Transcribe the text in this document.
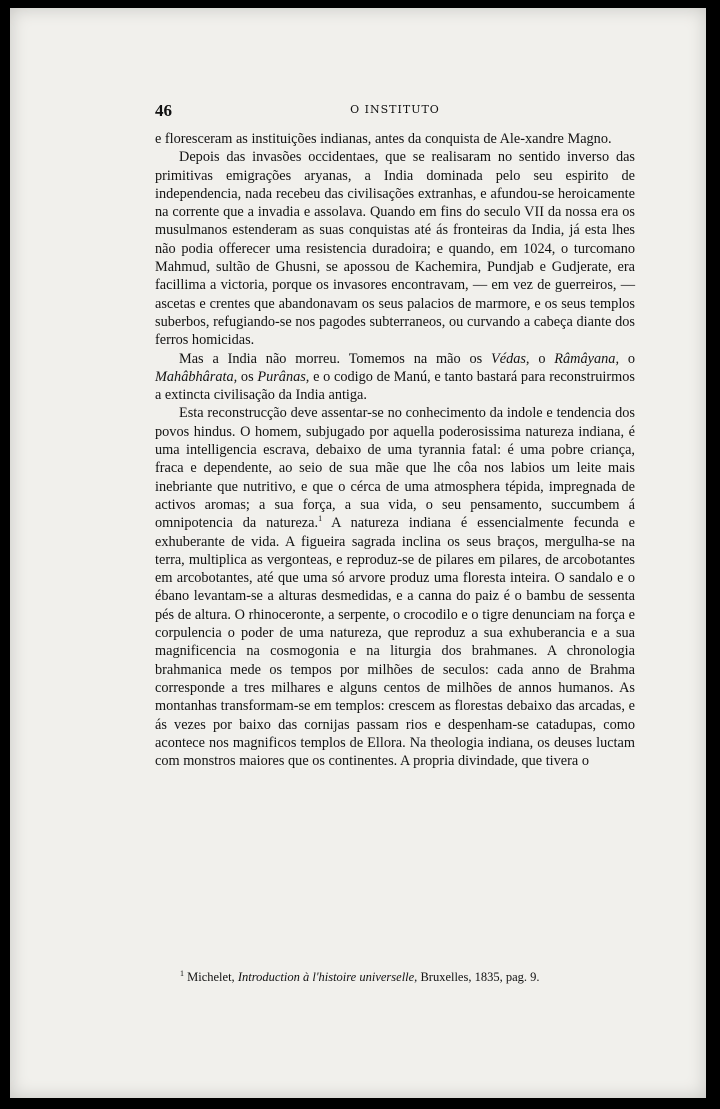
46	O INSTITUTO

e floresceram as instituições indianas, antes da conquista de Ale-xandre Magno.

Depois das invasões occidentaes, que se realisaram no sentido inverso das primitivas emigrações aryanas, a India dominada pelo seu espirito de independencia, nada recebeu das civilisações extranhas, e afundou-se heroicamente na corrente que a invadia e assolava. Quando em fins do seculo VII da nossa era os musulmanos estenderam as suas conquistas até ás fronteiras da India, já esta lhes não podia offerecer uma resistencia duradoira; e quando, em 1024, o turcomano Mahmud, sultão de Ghusni, se apossou de Kachemira, Pundjab e Gudjerate, era facillima a victoria, porque os invasores encontravam, — em vez de guerreiros, — ascetas e crentes que abandonavam os seus palacios de marmore, e os seus templos suberbos, refugiando-se nos pagodes subterraneos, ou curvando a cabeça diante dos ferros homicidas.

Mas a India não morreu. Tomemos na mão os Védas, o Râmâyana, o Mahâbhârata, os Purânas, e o codigo de Manú, e tanto bastará para reconstruirmos a extincta civilisação da India antiga.

Esta reconstrucção deve assentar-se no conhecimento da indole e tendencia dos povos hindus. O homem, subjugado por aquella poderosissima natureza indiana, é uma intelligencia escrava, debaixo de uma tyrannia fatal: é uma pobre criança, fraca e dependente, ao seio de sua mãe que lhe côa nos labios um leite mais inebriante que nutritivo, e que o cérca de uma atmosphera tépida, impregnada de activos aromas; a sua força, a sua vida, o seu pensamento, succumbem á omnipotencia da natureza.$^1$ A natureza indiana é essencialmente fecunda e exhuberante de vida. A figueira sagrada inclina os seus braços, mergulha-se na terra, multiplica as vergonteas, e reproduz-se de pilares em pilares, de arcobotantes em arcobotantes, até que uma só arvore produz uma floresta inteira. O sandalo e o ébano levantam-se a alturas desmedidas, e a canna do paiz é o bambu de sessenta pés de altura. O rhinoceronte, a serpente, o crocodilo e o tigre denunciam na força e corpulencia o poder de uma natureza, que reproduz a sua exhuberancia e a sua magnificencia na cosmogonia e na liturgia dos brahmanes. A chronologia brahmanica mede os tempos por milhões de seculos: cada anno de Brahma corresponde a tres milhares e alguns centos de milhões de annos humanos. As montanhas transformam-se em templos: crescem as florestas debaixo das arcadas, e ás vezes por baixo das cornijas passam rios e despenham-se catadupas, como acontece nos magnificos templos de Ellora. Na theologia indiana, os deuses luctam com monstros maiores que os continentes. A propria divindade, que tivera o

$^1$ Michelet, Introduction à l'histoire universelle, Bruxelles, 1835, pag. 9.
